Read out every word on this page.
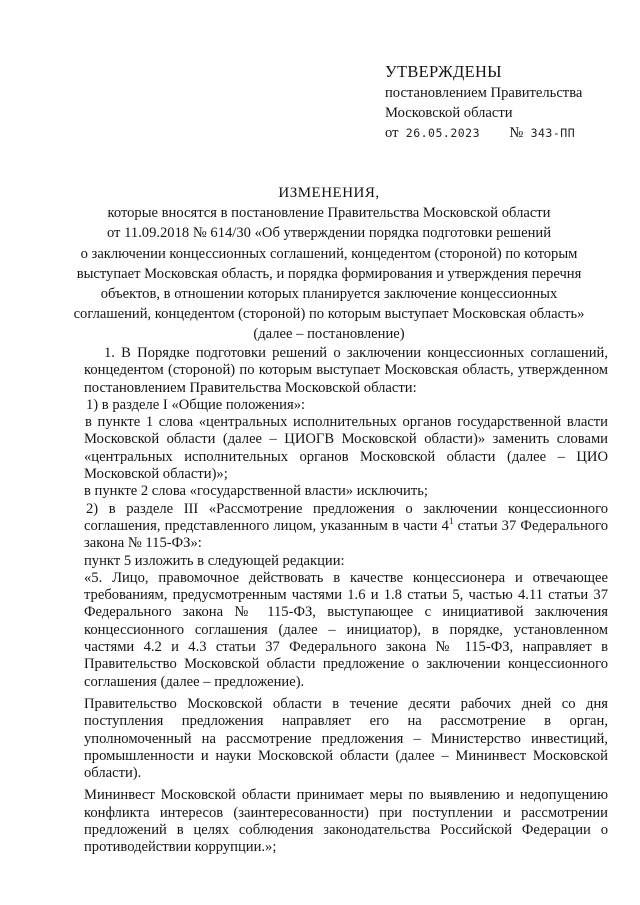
УТВЕРЖДЕНЫ
постановлением Правительства
Московской области
от 26.05.2023 № 343-ПП
ИЗМЕНЕНИЯ,
которые вносятся в постановление Правительства Московской области
от 11.09.2018 № 614/30 «Об утверждении порядка подготовки решений
о заключении концессионных соглашений, концедентом (стороной) по которым
выступает Московская область, и порядка формирования и утверждения перечня
объектов, в отношении которых планируется заключение концессионных
соглашений, концедентом (стороной) по которым выступает Московская область»
(далее – постановление)
1. В Порядке подготовки решений о заключении концессионных соглашений, концедентом (стороной) по которым выступает Московская область, утвержденном постановлением Правительства Московской области:
1) в разделе I «Общие положения»:
в пункте 1 слова «центральных исполнительных органов государственной власти Московской области (далее – ЦИОГВ Московской области)» заменить словами «центральных исполнительных органов Московской области (далее – ЦИО Московской области)»;
в пункте 2 слова «государственной власти» исключить;
2) в разделе III «Рассмотрение предложения о заключении концессионного соглашения, представленного лицом, указанным в части $4^1$ статьи 37 Федерального закона № 115-ФЗ»:
пункт 5 изложить в следующей редакции:
«5. Лицо, правомочное действовать в качестве концессионера и отвечающее требованиям, предусмотренным частями 1.6 и 1.8 статьи 5, частью 4.11 статьи 37 Федерального закона № 115-ФЗ, выступающее с инициативой заключения концессионного соглашения (далее – инициатор), в порядке, установленном частями 4.2 и 4.3 статьи 37 Федерального закона № 115-ФЗ, направляет в Правительство Московской области предложение о заключении концессионного соглашения (далее – предложение).
Правительство Московской области в течение десяти рабочих дней со дня поступления предложения направляет его на рассмотрение в орган, уполномоченный на рассмотрение предложения – Министерство инвестиций, промышленности и науки Московской области (далее – Мининвест Московской области).
Мининвест Московской области принимает меры по выявлению и недопущению конфликта интересов (заинтересованности) при поступлении и рассмотрении предложений в целях соблюдения законодательства Российской Федерации о противодействии коррупции.»;
